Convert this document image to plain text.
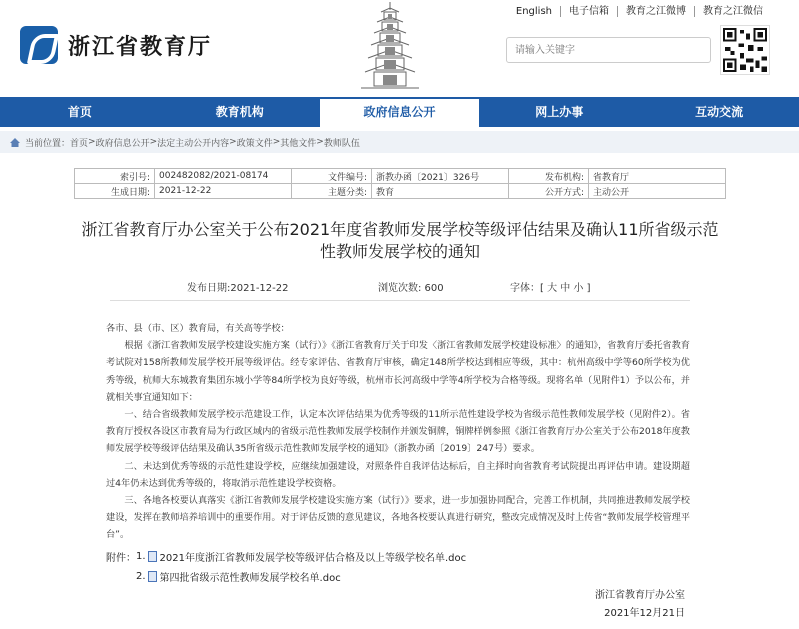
浙江省教育厅
English	电子信箱	教育之江微博	教育之江微信
请输入关键字
首页	教育机构	政府信息公开	网上办事	互动交流
当前位置： 首页 > 政府信息公开 > 法定主动公开内容 > 政策文件 > 其他文件 > 教师队伍
索引号:	002482082/2021-08174	文件编号:	浙教办函〔2021〕326号	发布机构:	省教育厅
生成日期:	2021-12-22	主题分类:	教育	公开方式:	主动公开
浙江省教育厅办公室关于公布2021年度省教师发展学校等级评估结果及确认11所省级示范性教师发展学校的通知
发布日期:2021-12-22	浏览次数: 600	字体：[ 大 中 小 ]

各市、县（市、区）教育局，有关高等学校：

根据《浙江省教师发展学校建设实施方案（试行）》《浙江省教育厅关于印发〈浙江省教师发展学校建设标准〉的通知》，省教育厅委托省教育考试院对158所教师发展学校开展等级评估。经专家评估、省教育厅审核，确定148所学校达到相应等级，其中：杭州高级中学等60所学校为优秀等级，杭师大东城教育集团东城小学等84所学校为良好等级，杭州市长河高级中学等4所学校为合格等级。现将名单（见附件1）予以公布，并就相关事宜通知如下：

一、结合省级教师发展学校示范建设工作，认定本次评估结果为优秀等级的11所示范性建设学校为省级示范性教师发展学校（见附件2）。省教育厅授权各设区市教育局为行政区域内的省级示范性教师发展学校制作并颁发铜牌，铜牌样例参照《浙江省教育厅办公室关于公布2018年度教师发展学校等级评估结果及确认35所省级示范性教师发展学校的通知》（浙教办函〔2019〕247号）要求。

二、未达到优秀等级的示范性建设学校，应继续加强建设，对照条件自我评估达标后，自主择时向省教育考试院提出再评估申请。建设期超过4年仍未达到优秀等级的，将取消示范性建设学校资格。

三、各地各校要认真落实《浙江省教师发展学校建设实施方案（试行）》要求，进一步加强协同配合，完善工作机制，共同推进教师发展学校建设，发挥在教师培养培训中的重要作用。对于评估反馈的意见建议，各地各校要认真进行研究，整改完成情况及时上传省“教师发展学校管理平台”。

附件： 1. 2021年度浙江省教师发展学校等级评估合格及以上等级学校名单.doc
2. 第四批省级示范性教师发展学校名单.doc
浙江省教育厅办公室
2021年12月21日
